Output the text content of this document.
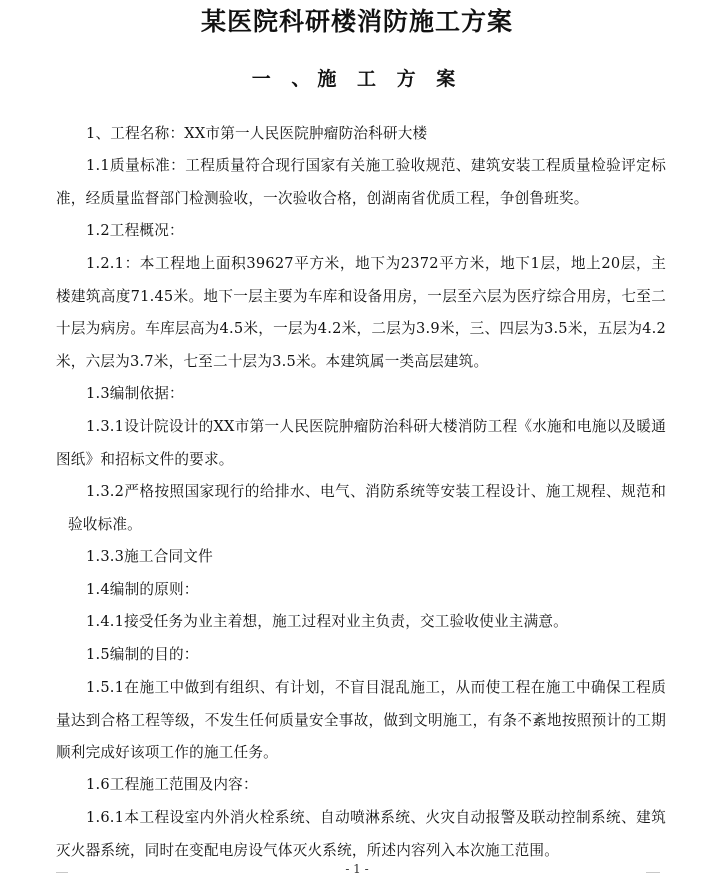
某医院科研楼消防施工方案
一 、施 工 方 案

1、工程名称：XX市第一人民医院肿瘤防治科研大楼

1.1质量标准：工程质量符合现行国家有关施工验收规范、建筑安装工程质量检验评定标准，经质量监督部门检测验收，一次验收合格，创湖南省优质工程，争创鲁班奖。

1.2工程概况：

1.2.1：本工程地上面积39627平方米，地下为2372平方米，地下1层，地上20层，主楼建筑高度71.45米。地下一层主要为车库和设备用房，一层至六层为医疗综合用房，七至二十层为病房。车库层高为4.5米，一层为4.2米，二层为3.9米，三、四层为3.5米，五层为4.2米，六层为3.7米，七至二十层为3.5米。本建筑属一类高层建筑。

1.3编制依据：

1.3.1设计院设计的XX市第一人民医院肿瘤防治科研大楼消防工程《水施和电施以及暖通图纸》和招标文件的要求。

1.3.2严格按照国家现行的给排水、电气、消防系统等安装工程设计、施工规程、规范和验收标准。

1.3.3施工合同文件

1.4编制的原则：

1.4.1接受任务为业主着想，施工过程对业主负责，交工验收使业主满意。

1.5编制的目的：

1.5.1在施工中做到有组织、有计划，不盲目混乱施工，从而使工程在施工中确保工程质量达到合格工程等级，不发生任何质量安全事故，做到文明施工，有条不紊地按照预计的工期顺利完成好该项工作的施工任务。

1.6工程施工范围及内容：

1.6.1本工程设室内外消火栓系统、自动喷淋系统、火灾自动报警及联动控制系统、建筑灭火器系统，同时在变配电房设气体灭火系统，所述内容列入本次施工范围。

- 1 -
